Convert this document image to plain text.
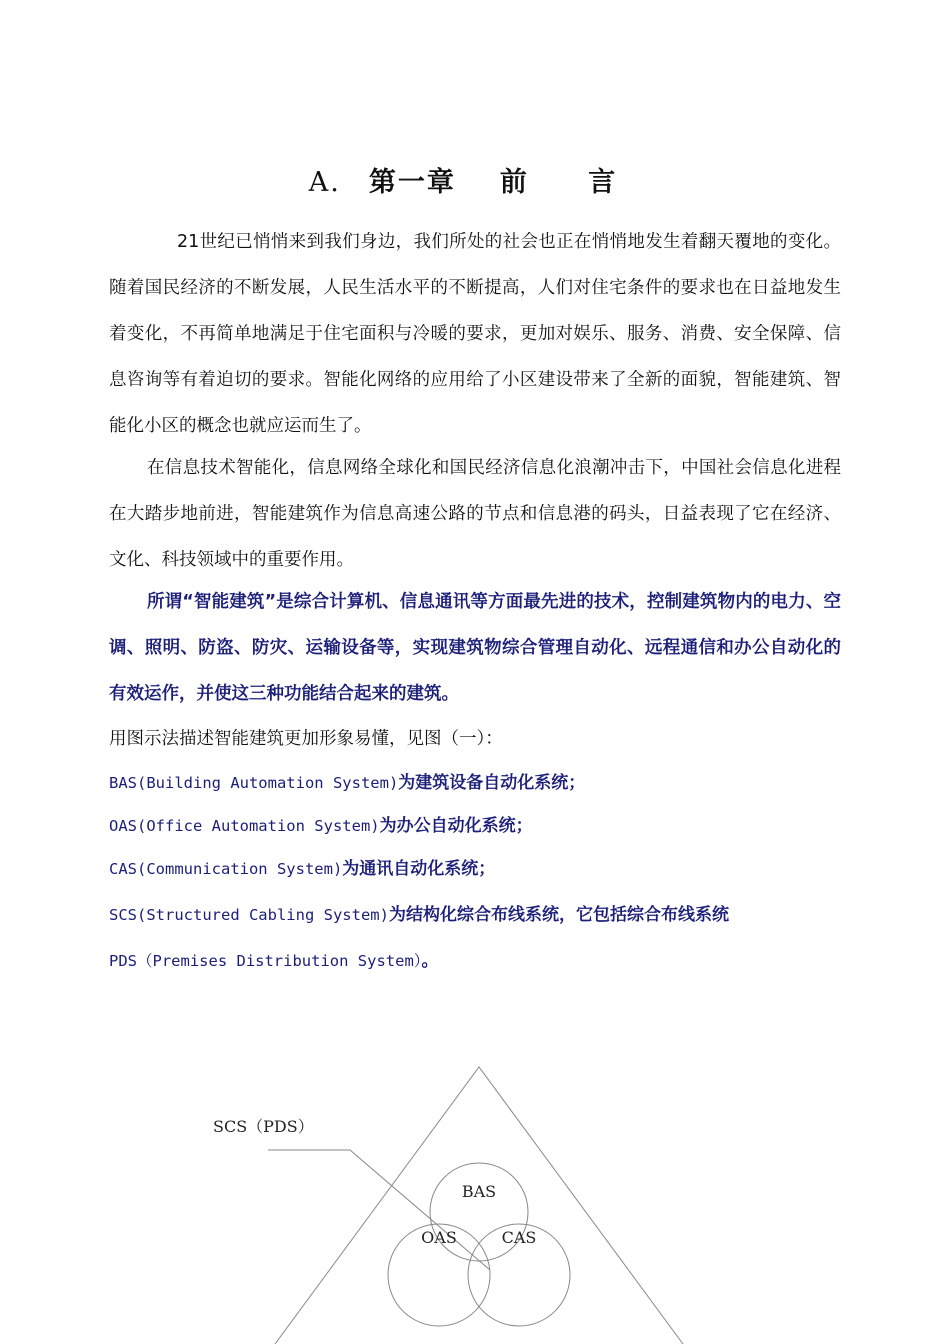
A. 第一章 前 言

21世纪已悄悄来到我们身边，我们所处的社会也正在悄悄地发生着翻天覆地的变化。随着国民经济的不断发展，人民生活水平的不断提高，人们对住宅条件的要求也在日益地发生着变化，不再简单地满足于住宅面积与冷暖的要求，更加对娱乐、服务、消费、安全保障、信息咨询等有着迫切的要求。智能化网络的应用给了小区建设带来了全新的面貌，智能建筑、智能化小区的概念也就应运而生了。

在信息技术智能化，信息网络全球化和国民经济信息化浪潮冲击下，中国社会信息化进程在大踏步地前进，智能建筑作为信息高速公路的节点和信息港的码头，日益表现了它在经济、文化、科技领域中的重要作用。

所谓“智能建筑”是综合计算机、信息通讯等方面最先进的技术，控制建筑物内的电力、空调、照明、防盗、防灾、运输设备等，实现建筑物综合管理自动化、远程通信和办公自动化的有效运作，并使这三种功能结合起来的建筑。

用图示法描述智能建筑更加形象易懂，见图（一）：

BAS(Building Automation System)为建筑设备自动化系统；
OAS(Office Automation System)为办公自动化系统；
CAS(Communication System)为通讯自动化系统；
SCS(Structured Cabling System)为结构化综合布线系统，它包括综合布线系统
PDS（Premises Distribution System）。
SCS（PDS）
BAS
OAS	CAS
